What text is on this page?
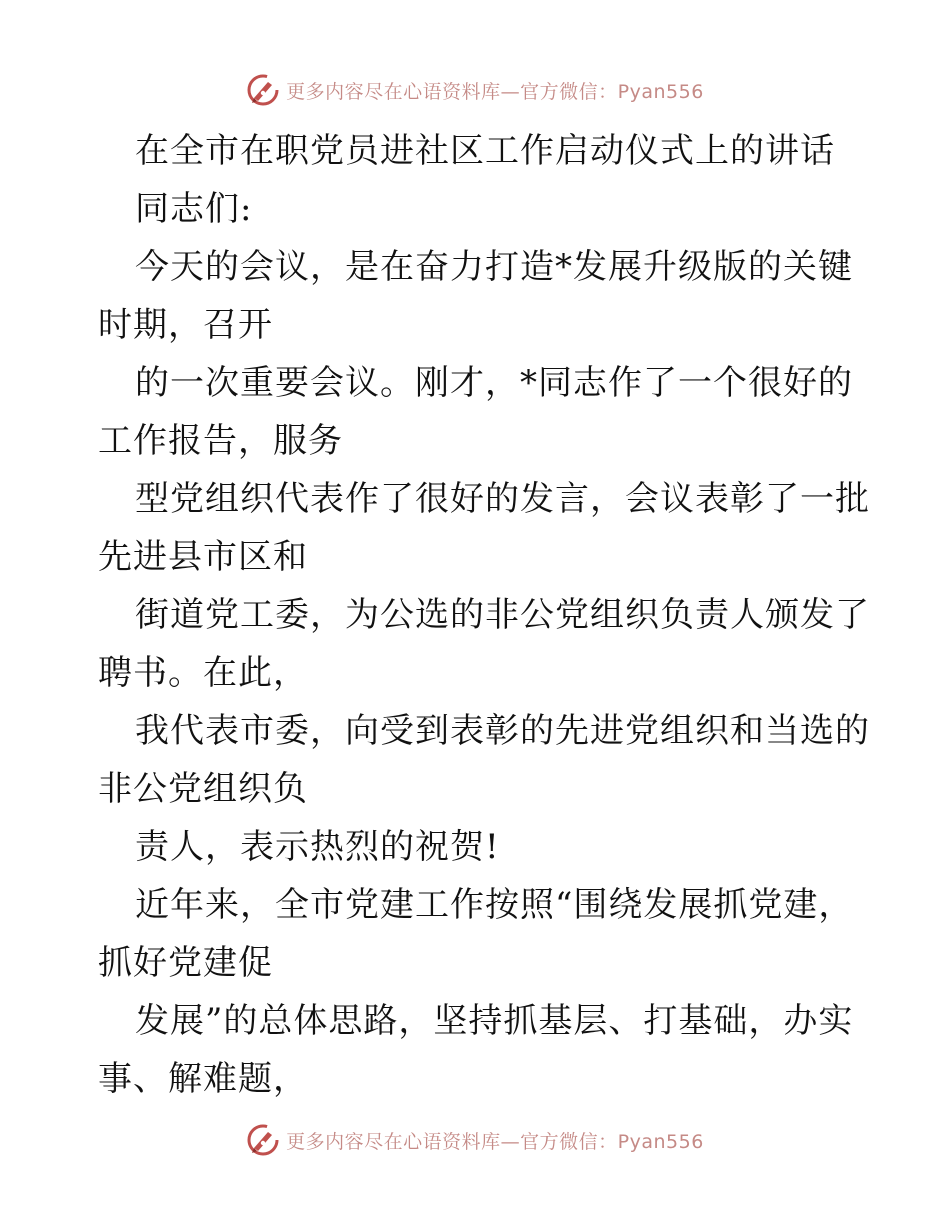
更多内容尽在心语资料库—官方微信：Pyan556
在全市在职党员进社区工作启动仪式上的讲话
同志们:
今天的会议，是在奋力打造*发展升级版的关键
时期，召开
的一次重要会议。刚才，*同志作了一个很好的
工作报告，服务
型党组织代表作了很好的发言，会议表彰了一批
先进县市区和
街道党工委，为公选的非公党组织负责人颁发了
聘书。在此，
我代表市委，向受到表彰的先进党组织和当选的
非公党组织负
责人，表示热烈的祝贺!
近年来，全市党建工作按照“围绕发展抓党建，
抓好党建促
发展”的总体思路，坚持抓基层、打基础，办实
事、解难题，
更多内容尽在心语资料库—官方微信：Pyan556
